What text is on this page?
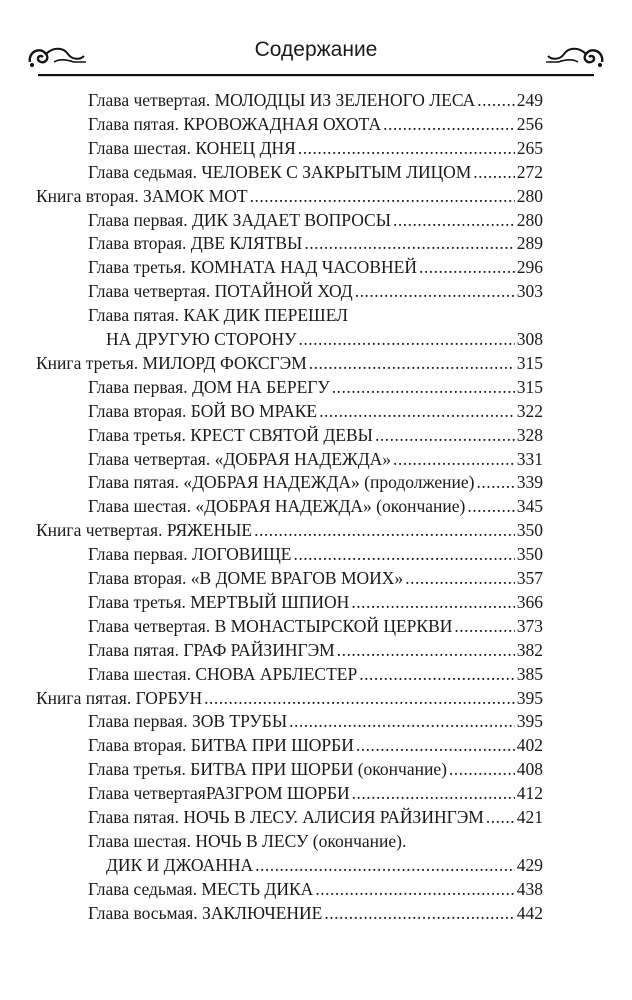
Содержание
Глава четвертая. МОЛОДЦЫ ИЗ ЗЕЛЕНОГО ЛЕСА ..... 249
Глава пятая. КРОВОЖАДНАЯ ОХОТА .....	256
Глава шестая. КОНЕЦ ДНЯ .....	265
Глава седьмая. ЧЕЛОВЕК С ЗАКРЫТЫМ ЛИЦОМ .....	272
Книга вторая. ЗАМОК МОТ .....	280
Глава первая. ДИК ЗАДАЕТ ВОПРОСЫ .....	280
Глава вторая. ДВЕ КЛЯТВЫ .....	289
Глава третья. КОМНАТА НАД ЧАСОВНЕЙ .....	296
Глава четвертая. ПОТАЙНОЙ ХОД .....	303
Глава пятая. КАК ДИК ПЕРЕШЕЛ
НА ДРУГУЮ СТОРОНУ .....	308
Книга третья. МИЛОРД ФОКСГЭМ .....	315
Глава первая. ДОМ НА БЕРЕГУ .....	315
Глава вторая. БОЙ ВО МРАКЕ .....	322
Глава третья. КРЕСТ СВЯТОЙ ДЕВЫ .....	328
Глава четвертая. «ДОБРАЯ НАДЕЖДА» .....	331
Глава пятая. «ДОБРАЯ НАДЕЖДА» (продолжение) ..... 339
Глава шестая. «ДОБРАЯ НАДЕЖДА» (окончание) .....	345
Книга четвертая. РЯЖЕНЫЕ .....	350
Глава первая. ЛОГОВИЩЕ .....	350
Глава вторая. «В ДОМЕ ВРАГОВ МОИХ» .....	357
Глава третья. МЕРТВЫЙ ШПИОН .....	366
Глава четвертая. В МОНАСТЫРСКОЙ ЦЕРКВИ .....	373
Глава пятая. ГРАФ РАЙЗИНГЭМ .....	382
Глава шестая. СНОВА АРБЛЕСТЕР .....	385
Книга пятая. ГОРБУН .....	395
Глава первая. ЗОВ ТРУБЫ .....	395
Глава вторая. БИТВА ПРИ ШОРБИ .....	402
Глава третья. БИТВА ПРИ ШОРБИ (окончание) .....	408
Глава четвертаяРАЗГРОМ ШОРБИ .....	412
Глава пятая. НОЧЬ В ЛЕСУ. АЛИСИЯ РАЙЗИНГЭМ ..... 421
Глава шестая. НОЧЬ В ЛЕСУ (окончание).
ДИК И ДЖОАННА .....	429
Глава седьмая. МЕСТЬ ДИКА .....	438
Глава восьмая. ЗАКЛЮЧЕНИЕ .....	442
